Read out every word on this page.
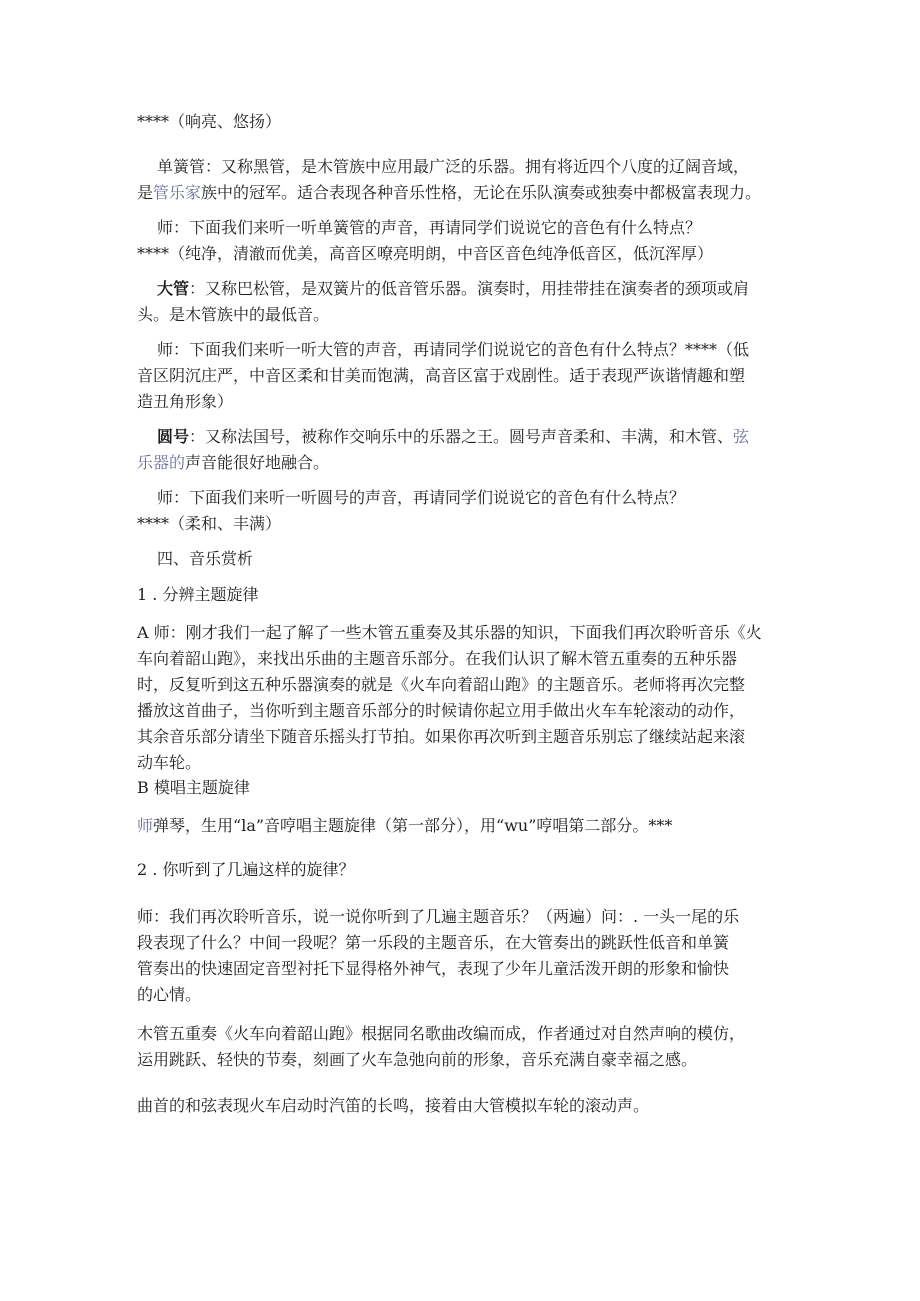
****（响亮、悠扬）

单簧管：又称黑管，是木管族中应用最广泛的乐器。拥有将近四个八度的辽阔音域，
是管乐家族中的冠军。适合表现各种音乐性格，无论在乐队演奏或独奏中都极富表现力。

师：下面我们来听一听单簧管的声音，再请同学们说说它的音色有什么特点？
****（纯净，清澈而优美，高音区嘹亮明朗，中音区音色纯净低音区，低沉浑厚）

大管：又称巴松管，是双簧片的低音管乐器。演奏时，用挂带挂在演奏者的颈项或肩
头。是木管族中的最低音。

师：下面我们来听一听大管的声音，再请同学们说说它的音色有什么特点？****（低
音区阴沉庄严，中音区柔和甘美而饱满，高音区富于戏剧性。适于表现严诙谐情趣和塑
造丑角形象）

圆号：又称法国号，被称作交响乐中的乐器之王。圆号声音柔和、丰满，和木管、弦
乐器的声音能很好地融合。

师：下面我们来听一听圆号的声音，再请同学们说说它的音色有什么特点？
****（柔和、丰满）

四、音乐赏析

1 . 分辨主题旋律

A 师：刚才我们一起了解了一些木管五重奏及其乐器的知识，下面我们再次聆听音乐《火
车向着韶山跑》，来找出乐曲的主题音乐部分。在我们认识了解木管五重奏的五种乐器
时，反复听到这五种乐器演奏的就是《火车向着韶山跑》的主题音乐。老师将再次完整
播放这首曲子，当你听到主题音乐部分的时候请你起立用手做出火车车轮滚动的动作，
其余音乐部分请坐下随音乐摇头打节拍。如果你再次听到主题音乐别忘了继续站起来滚
动车轮。

B 模唱主题旋律

师弹琴，生用“la”音哼唱主题旋律（第一部分），用“wu”哼唱第二部分。***

2 . 你听到了几遍这样的旋律？

师：我们再次聆听音乐，说一说你听到了几遍主题音乐？（两遍）问：. 一头一尾的乐
段表现了什么？中间一段呢？第一乐段的主题音乐，在大管奏出的跳跃性低音和单簧
管奏出的快速固定音型衬托下显得格外神气，表现了少年儿童活泼开朗的形象和愉快
的心情。

木管五重奏《火车向着韶山跑》根据同名歌曲改编而成，作者通过对自然声响的模仿，
运用跳跃、轻快的节奏，刻画了火车急弛向前的形象，音乐充满自豪幸福之感。

曲首的和弦表现火车启动时汽笛的长鸣，接着由大管模拟车轮的滚动声。
